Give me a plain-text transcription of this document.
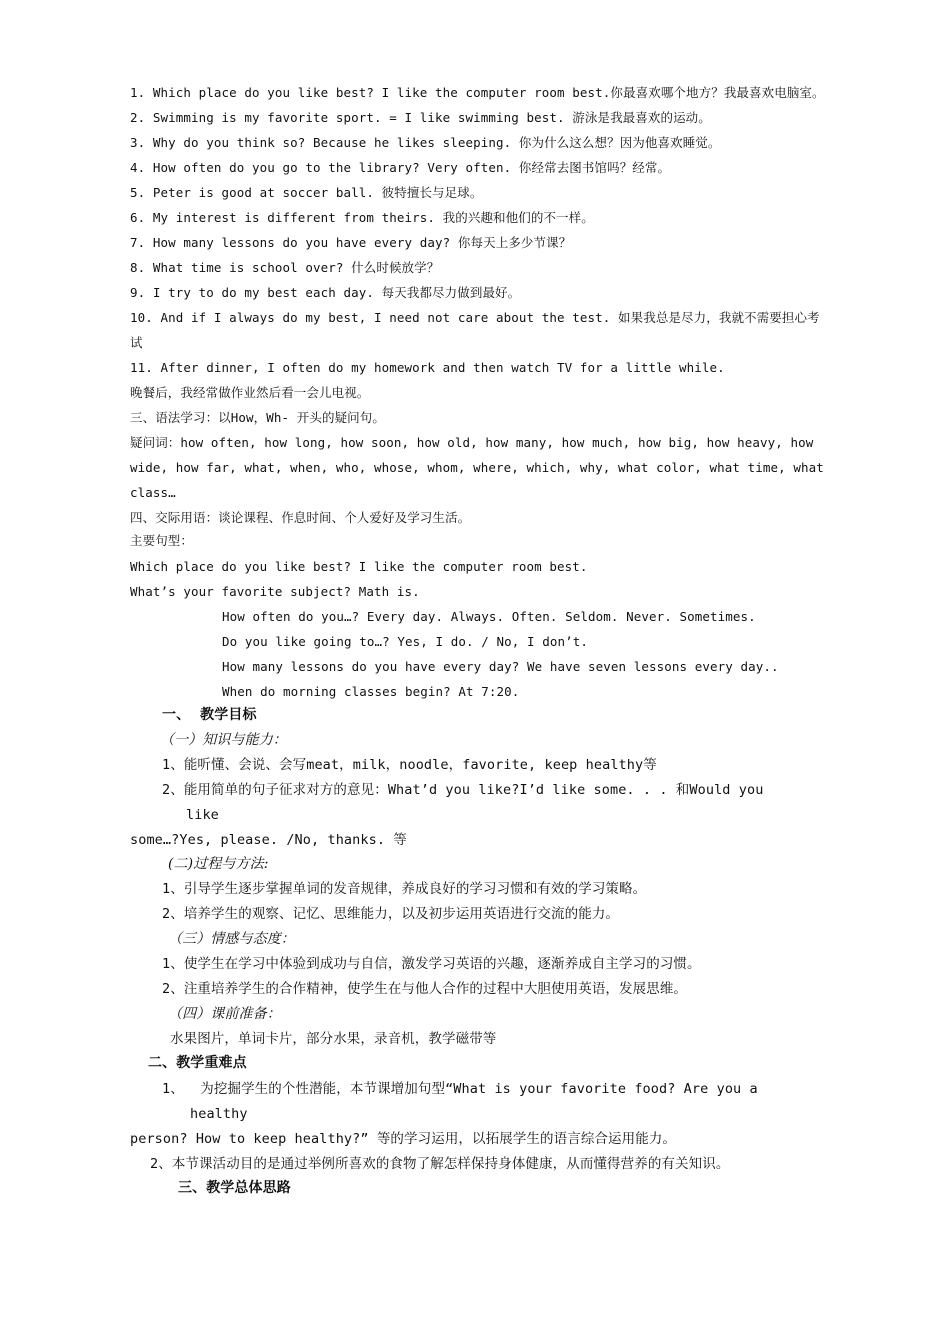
1. Which place do you like best? I like the computer room best.你最喜欢哪个地方？我最喜欢电脑室。
2. Swimming is my favorite sport. = I like swimming best. 游泳是我最喜欢的运动。
3. Why do you think so? Because he likes sleeping. 你为什么这么想？因为他喜欢睡觉。
4. How often do you go to the library? Very often. 你经常去图书馆吗？经常。
5. Peter is good at soccer ball. 彼特擅长与足球。
6. My interest is different from theirs. 我的兴趣和他们的不一样。
7. How many lessons do you have every day? 你每天上多少节课？
8. What time is school over? 什么时候放学？
9. I try to do my best each day. 每天我都尽力做到最好。
10. And if I always do my best, I need not care about the test. 如果我总是尽力，我就不需要担心考
试
11. After dinner, I often do my homework and then watch TV for a little while.
晚餐后，我经常做作业然后看一会儿电视。
三、语法学习：以How，Wh- 开头的疑问句。
疑问词：how often, how long, how soon, how old, how many, how much, how big, how heavy, how
wide, how far, what, when, who, whose, whom, where, which, why, what color, what time, what
class…
四、交际用语：谈论课程、作息时间、个人爱好及学习生活。
主要句型：
Which place do you like best? I like the computer room best.
What’s your favorite subject? Math is.
How often do you…? Every day. Always. Often. Seldom. Never. Sometimes.
Do you like going to…? Yes, I do. / No, I don’t.
How many lessons do you have every day? We have seven lessons every day..
When do morning classes begin? At 7:20.
一、  教学目标
（一）知识与能力：
1、能听懂、会说、会写meat，milk，noodle，favorite, keep healthy等
2、能用简单的句子征求对方的意见：What’d you like?I’d like some. . . 和Would you
like
some…?Yes, please. /No, thanks. 等
(二)过程与方法:
1、引导学生逐步掌握单词的发音规律，养成良好的学习习惯和有效的学习策略。
2、培养学生的观察、记忆、思维能力，以及初步运用英语进行交流的能力。
（三）情感与态度：
1、使学生在学习中体验到成功与自信，激发学习英语的兴趣，逐渐养成自主学习的习惯。
2、注重培养学生的合作精神，使学生在与他人合作的过程中大胆使用英语，发展思维。
（四）课前准备：
水果图片，单词卡片，部分水果，录音机，教学磁带等
二、教学重难点
1、  为挖掘学生的个性潜能，本节课增加句型“What is your favorite food? Are you a
healthy
person? How to keep healthy?” 等的学习运用，以拓展学生的语言综合运用能力。
2、本节课活动目的是通过举例所喜欢的食物了解怎样保持身体健康，从而懂得营养的有关知识。
三、教学总体思路
